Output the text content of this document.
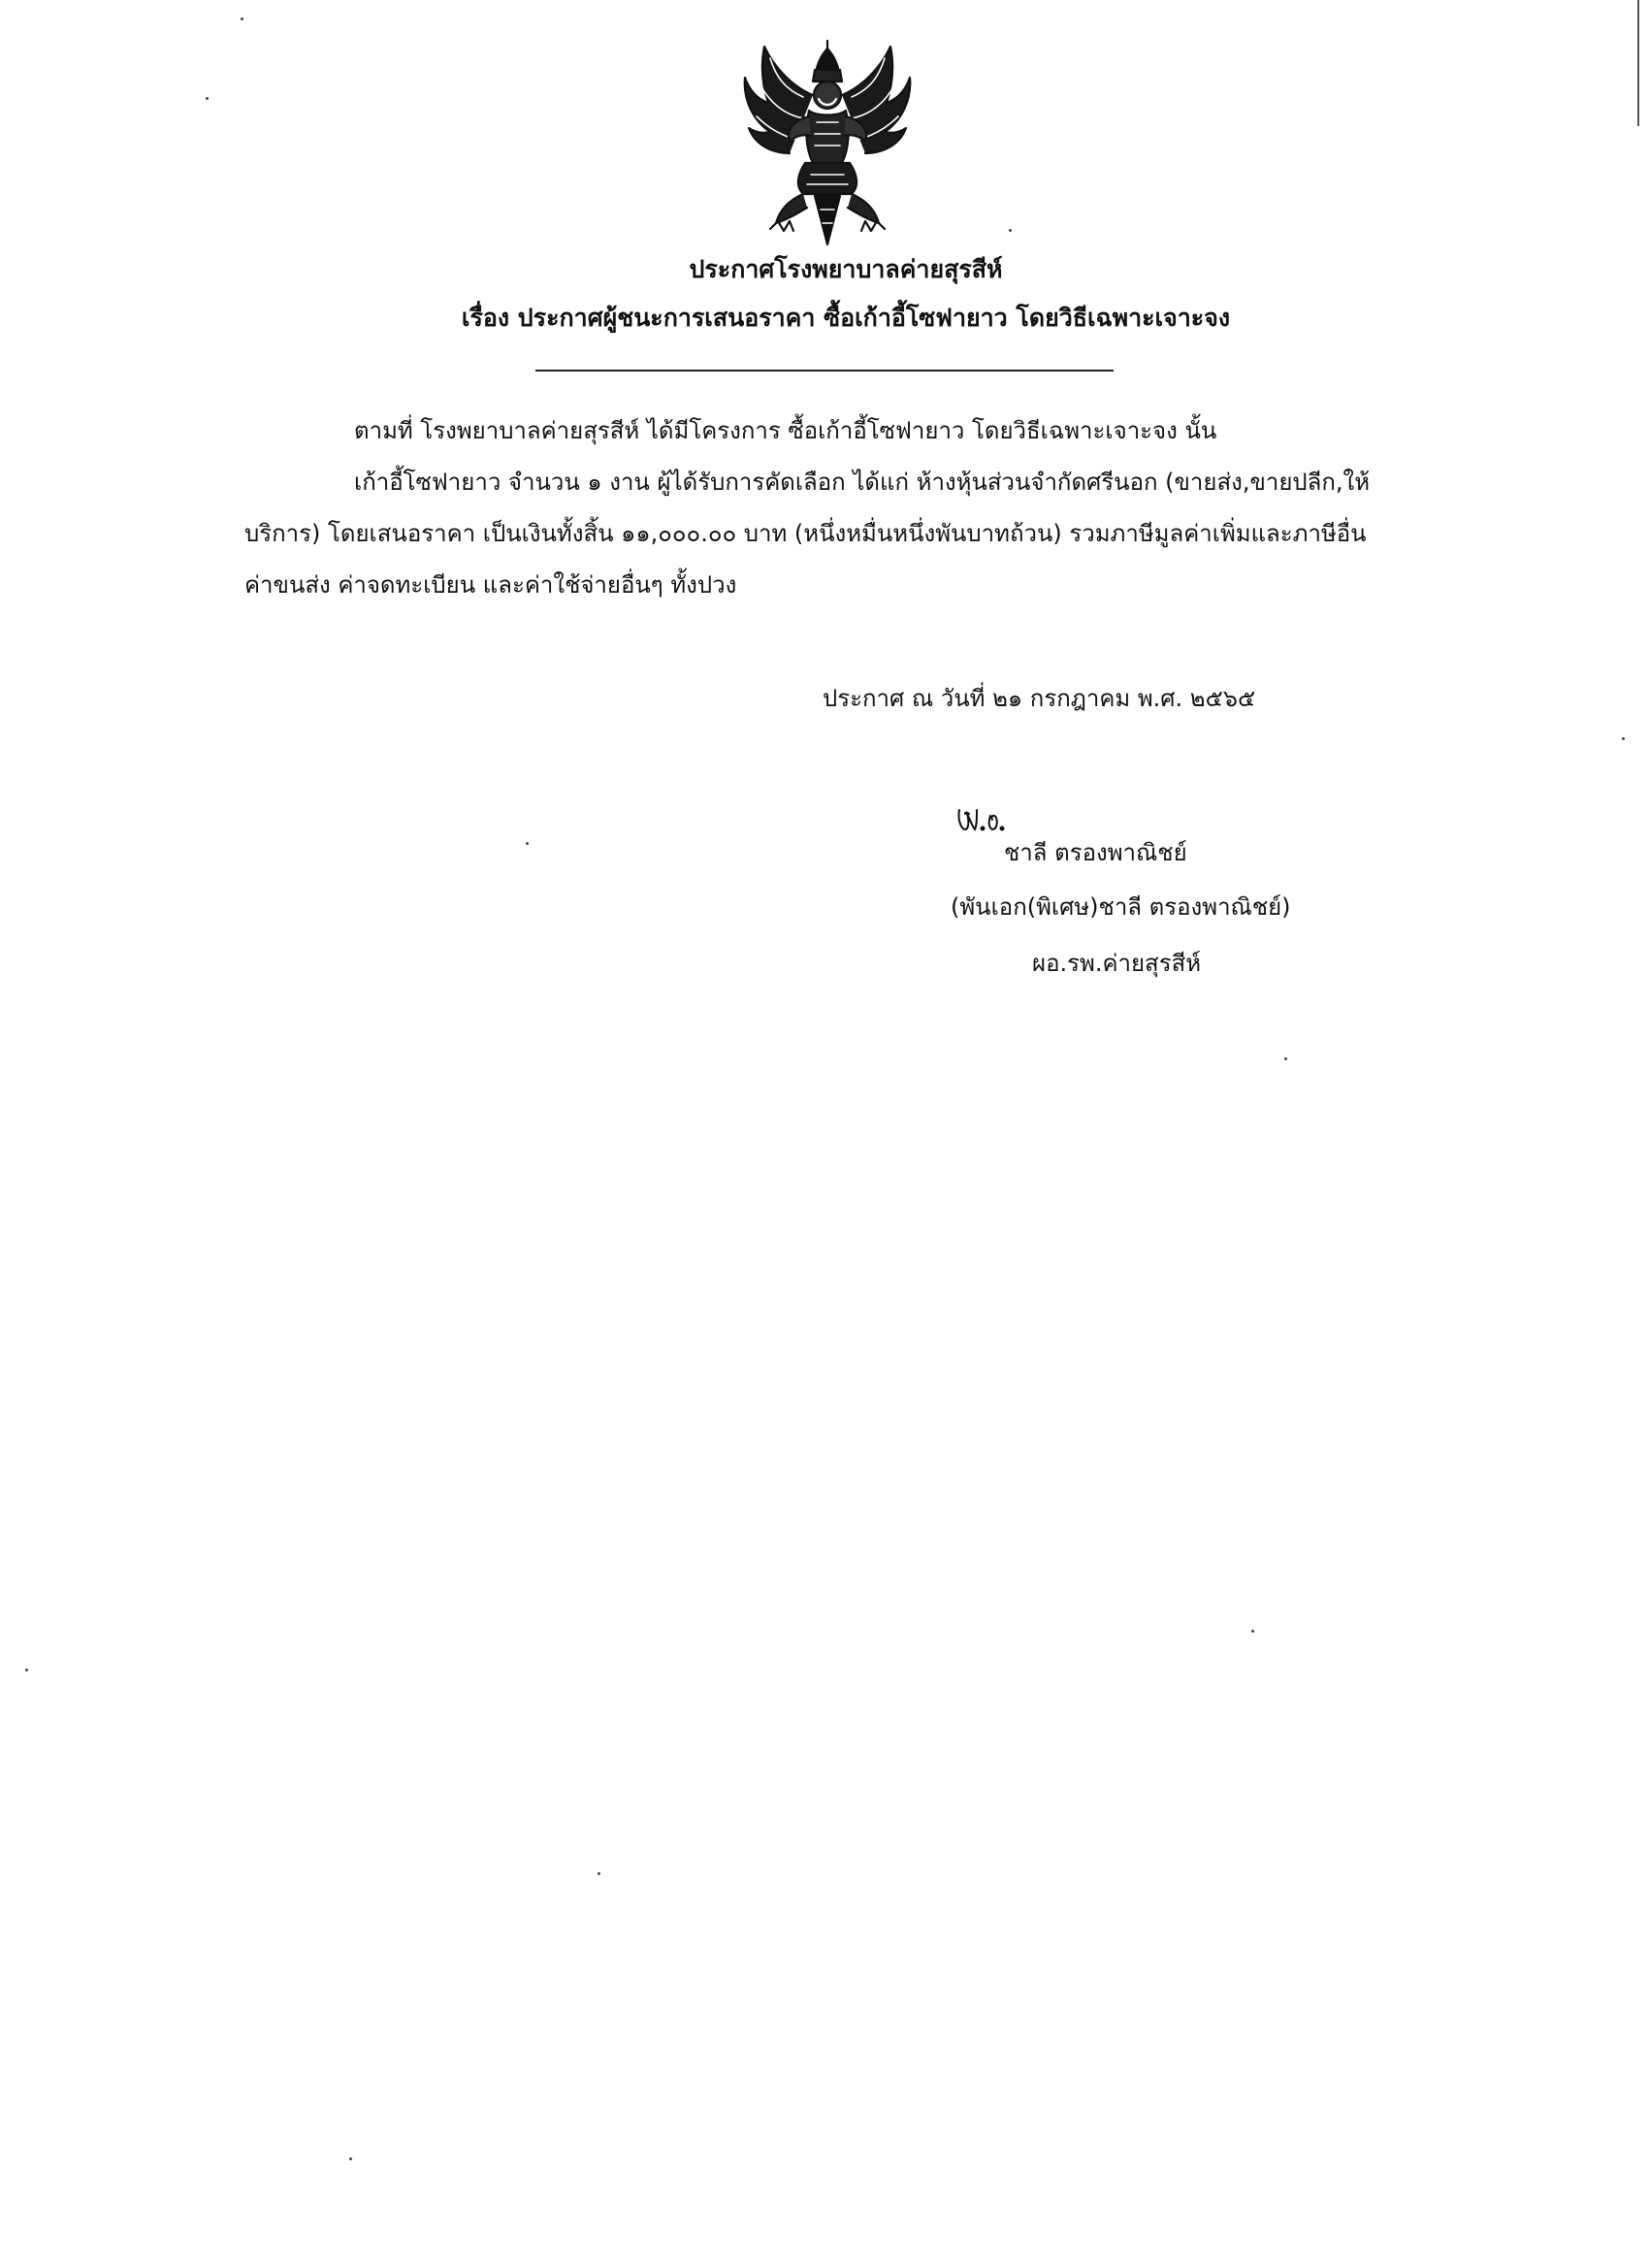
ประกาศโรงพยาบาลค่ายสุรสีห์
เรื่อง ประกาศผู้ชนะการเสนอราคา ซื้อเก้าอี้โซฟายาว โดยวิธีเฉพาะเจาะจง
ตามที่ โรงพยาบาลค่ายสุรสีห์ ได้มีโครงการ ซื้อเก้าอี้โซฟายาว โดยวิธีเฉพาะเจาะจง นั้น
เก้าอี้โซฟายาว จำนวน ๑ งาน ผู้ได้รับการคัดเลือก ได้แก่ ห้างหุ้นส่วนจำกัดศรีนอก (ขายส่ง,ขายปลีก,ให้
บริการ) โดยเสนอราคา เป็นเงินทั้งสิ้น ๑๑,๐๐๐.๐๐ บาท (หนึ่งหมื่นหนึ่งพันบาทถ้วน) รวมภาษีมูลค่าเพิ่มและภาษีอื่น
ค่าขนส่ง ค่าจดทะเบียน และค่าใช้จ่ายอื่นๆ ทั้งปวง
ประกาศ ณ วันที่ ๒๑ กรกฎาคม พ.ศ. ๒๕๖๕
ชาลี ตรองพาณิชย์
(พันเอก(พิเศษ)ชาลี ตรองพาณิชย์)
ผอ.รพ.ค่ายสุรสีห์
